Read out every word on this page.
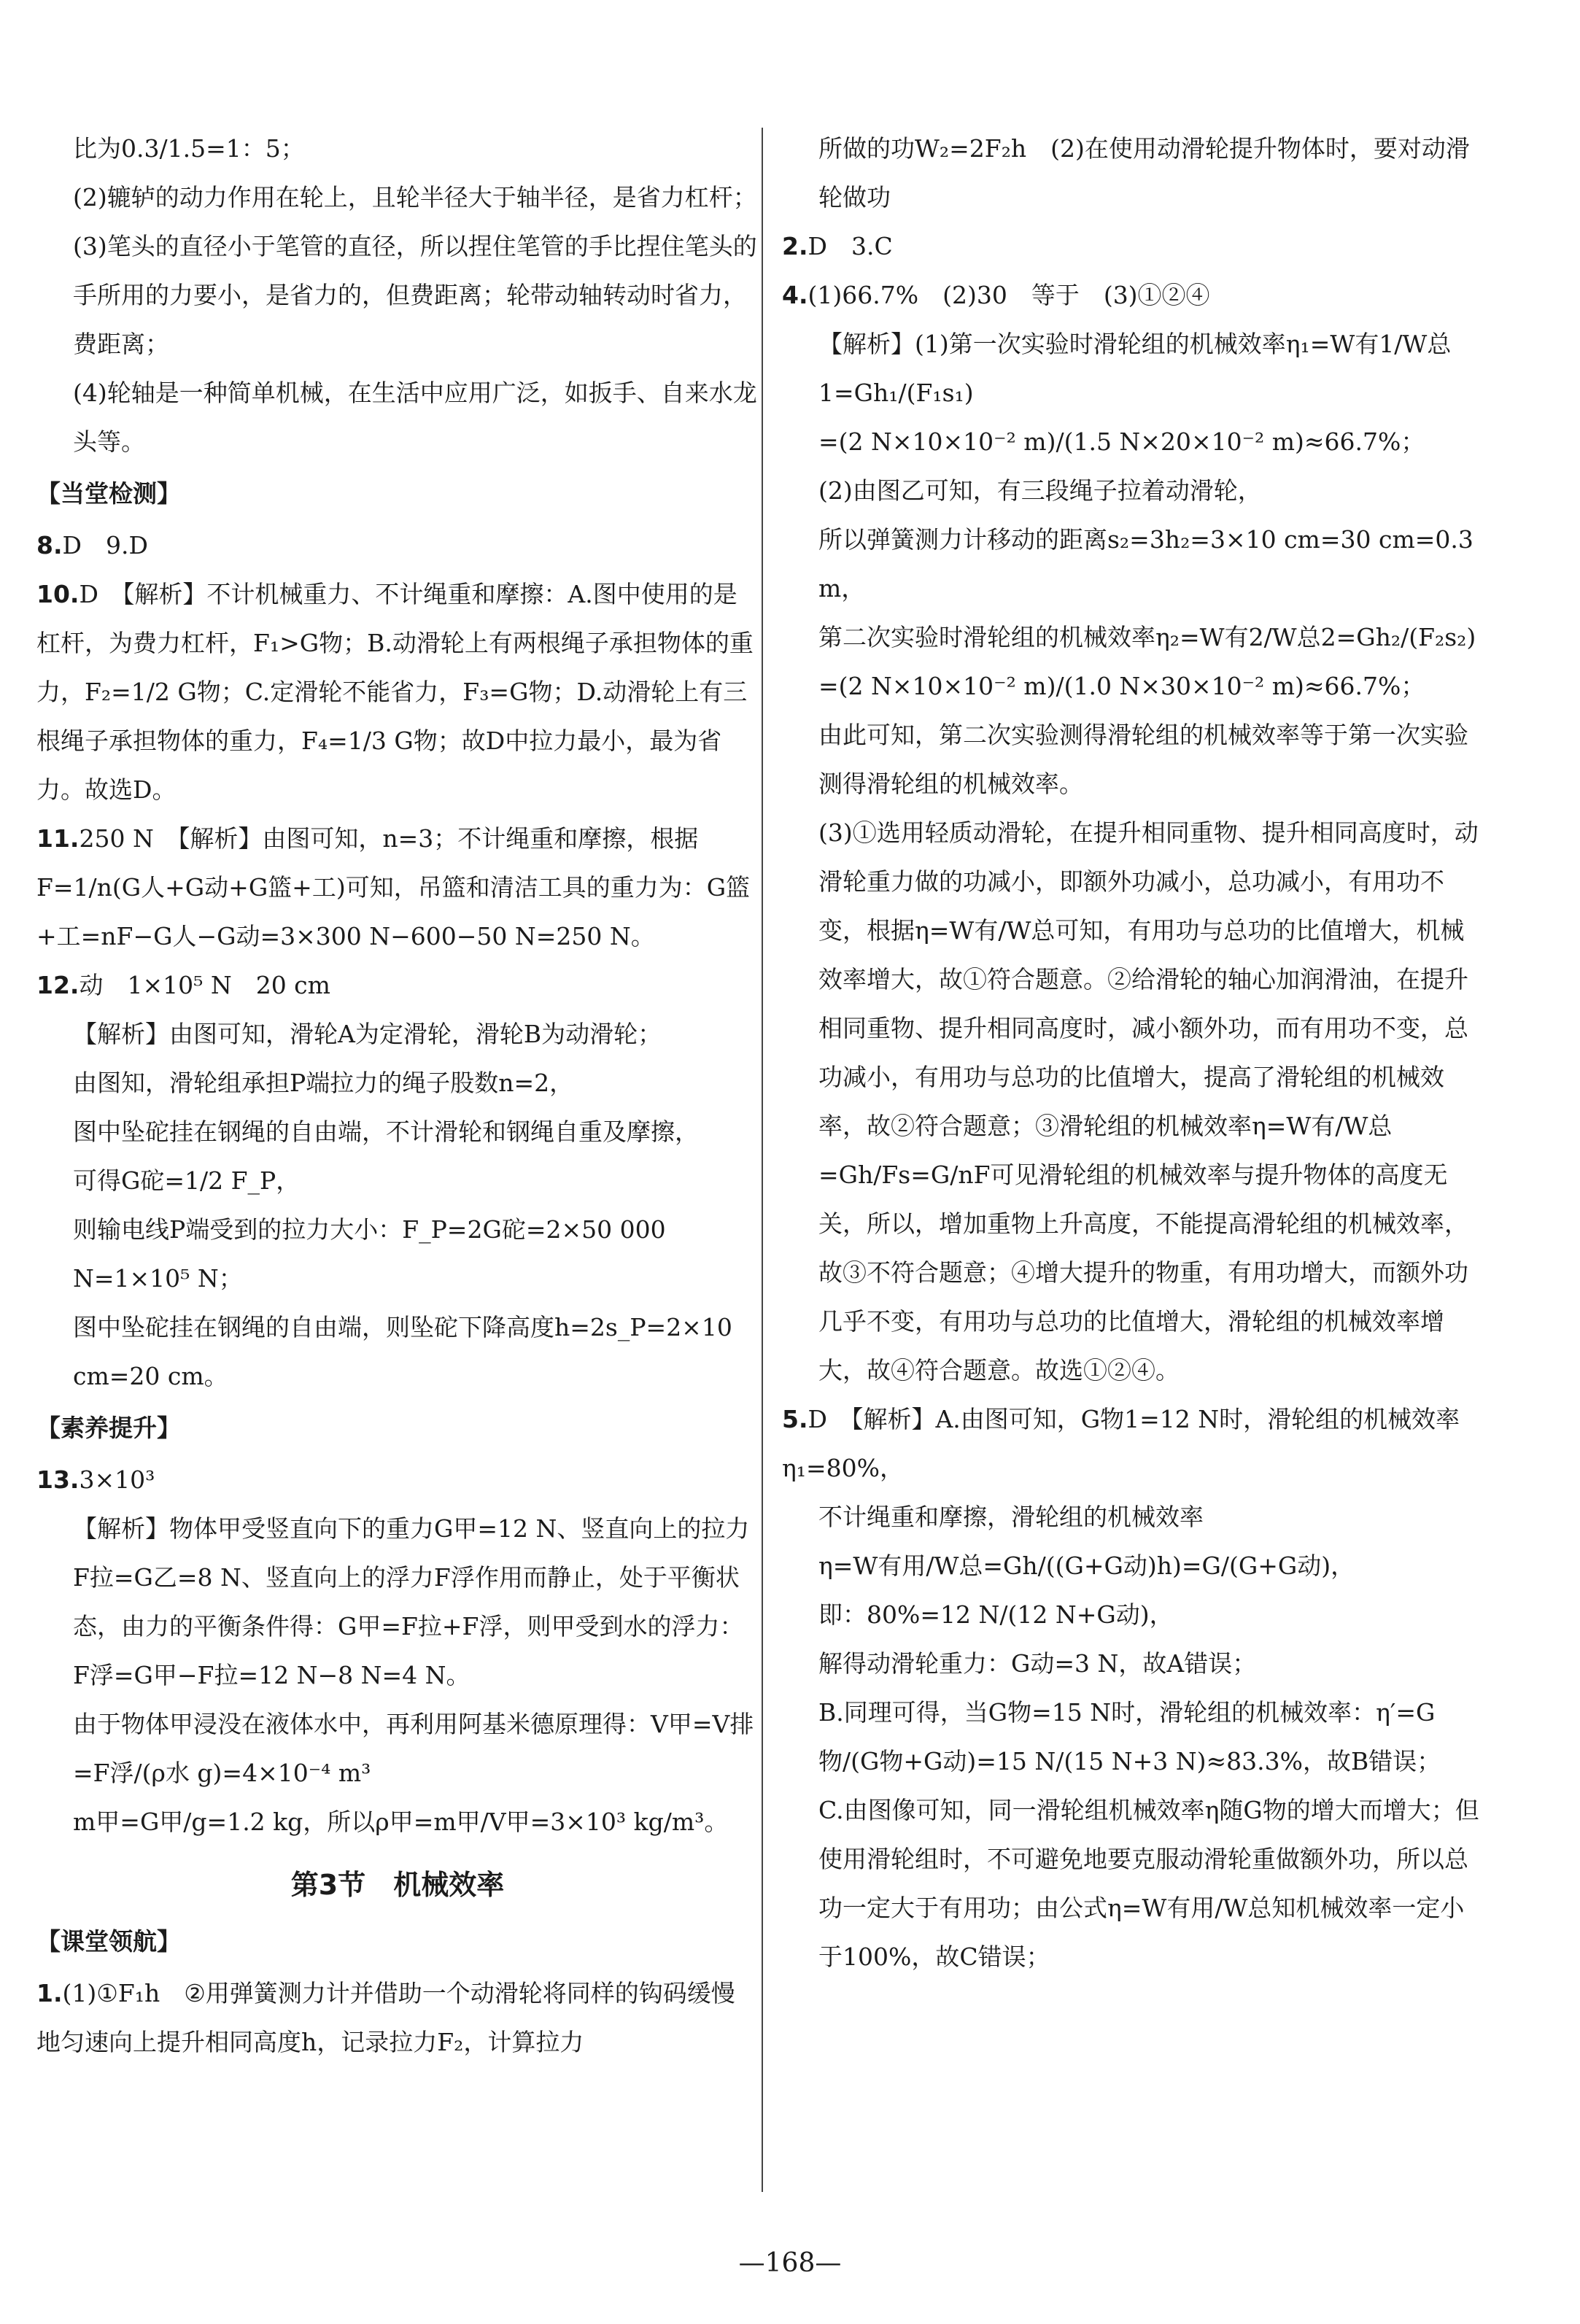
比为0.3/1.5=1：5；
(2)辘轳的动力作用在轮上，且轮半径大于轴半径，是省力杠杆；
(3)笔头的直径小于笔管的直径，所以捏住笔管的手比捏住笔头的手所用的力要小，是省力的，但费距离；轮带动轴转动时省力，费距离；
(4)轮轴是一种简单机械，在生活中应用广泛，如扳手、自来水龙头等。
【当堂检测】
8.D　9.D
10.D　【解析】不计机械重力、不计绳重和摩擦：A.图中使用的是杠杆，为费力杠杆，F₁>G物；B.动滑轮上有两根绳子承担物体的重力，F₂=1/2 G物；C.定滑轮不能省力，F₃=G物；D.动滑轮上有三根绳子承担物体的重力，F₄=1/3 G物；故D中拉力最小，最为省力。故选D。
11.250 N　【解析】由图可知，n=3；不计绳重和摩擦，根据F=1/n(G人+G动+G篮+工)可知，吊篮和清洁工具的重力为：G篮+工=nF−G人−G动=3×300 N−600−50 N=250 N。
12.动　1×10⁵ N　20 cm
【解析】由图可知，滑轮A为定滑轮，滑轮B为动滑轮；
由图知，滑轮组承担P端拉力的绳子股数n=2，
图中坠砣挂在钢绳的自由端，不计滑轮和钢绳自重及摩擦，
可得G砣=1/2 F_P，
则输电线P端受到的拉力大小：F_P=2G砣=2×50 000 N=1×10⁵ N；
图中坠砣挂在钢绳的自由端，则坠砣下降高度h=2s_P=2×10 cm=20 cm。
【素养提升】
13.3×10³
【解析】物体甲受竖直向下的重力G甲=12 N、竖直向上的拉力F拉=G乙=8 N、竖直向上的浮力F浮作用而静止，处于平衡状态，由力的平衡条件得：G甲=F拉+F浮，则甲受到水的浮力：F浮=G甲−F拉=12 N−8 N=4 N。
由于物体甲浸没在液体水中，再利用阿基米德原理得：V甲=V排=F浮/(ρ水 g)=4×10⁻⁴ m³
m甲=G甲/g=1.2 kg，所以ρ甲=m甲/V甲=3×10³ kg/m³。
第3节　机械效率
【课堂领航】
1.(1)①F₁h　②用弹簧测力计并借助一个动滑轮将同样的钩码缓慢地匀速向上提升相同高度h，记录拉力F₂，计算拉力
所做的功W₂=2F₂h　(2)在使用动滑轮提升物体时，要对动滑轮做功
2.D　3.C
4.(1)66.7%　(2)30　等于　(3)①②④
【解析】(1)第一次实验时滑轮组的机械效率η₁=W有1/W总1=Gh₁/(F₁s₁)
=(2 N×10×10⁻² m)/(1.5 N×20×10⁻² m)≈66.7%；
(2)由图乙可知，有三段绳子拉着动滑轮，
所以弹簧测力计移动的距离s₂=3h₂=3×10 cm=30 cm=0.3 m，
第二次实验时滑轮组的机械效率η₂=W有2/W总2=Gh₂/(F₂s₂)
=(2 N×10×10⁻² m)/(1.0 N×30×10⁻² m)≈66.7%；
由此可知，第二次实验测得滑轮组的机械效率等于第一次实验测得滑轮组的机械效率。
(3)①选用轻质动滑轮，在提升相同重物、提升相同高度时，动滑轮重力做的功减小，即额外功减小，总功减小，有用功不变，根据η=W有/W总可知，有用功与总功的比值增大，机械效率增大，故①符合题意。②给滑轮的轴心加润滑油，在提升相同重物、提升相同高度时，减小额外功，而有用功不变，总功减小，有用功与总功的比值增大，提高了滑轮组的机械效率，故②符合题意；③滑轮组的机械效率η=W有/W总=Gh/Fs=G/nF可见滑轮组的机械效率与提升物体的高度无关，所以，增加重物上升高度，不能提高滑轮组的机械效率，故③不符合题意；④增大提升的物重，有用功增大，而额外功几乎不变，有用功与总功的比值增大，滑轮组的机械效率增大，故④符合题意。故选①②④。
5.D　【解析】A.由图可知，G物1=12 N时，滑轮组的机械效率η₁=80%，
不计绳重和摩擦，滑轮组的机械效率
η=W有用/W总=Gh/((G+G动)h)=G/(G+G动)，
即：80%=12 N/(12 N+G动)，
解得动滑轮重力：G动=3 N，故A错误；
B.同理可得，当G物=15 N时，滑轮组的机械效率：η′=G物/(G物+G动)=15 N/(15 N+3 N)≈83.3%，故B错误；
C.由图像可知，同一滑轮组机械效率η随G物的增大而增大；但使用滑轮组时，不可避免地要克服动滑轮重做额外功，所以总功一定大于有用功；由公式η=W有用/W总知机械效率一定小于100%，故C错误；
—168—
